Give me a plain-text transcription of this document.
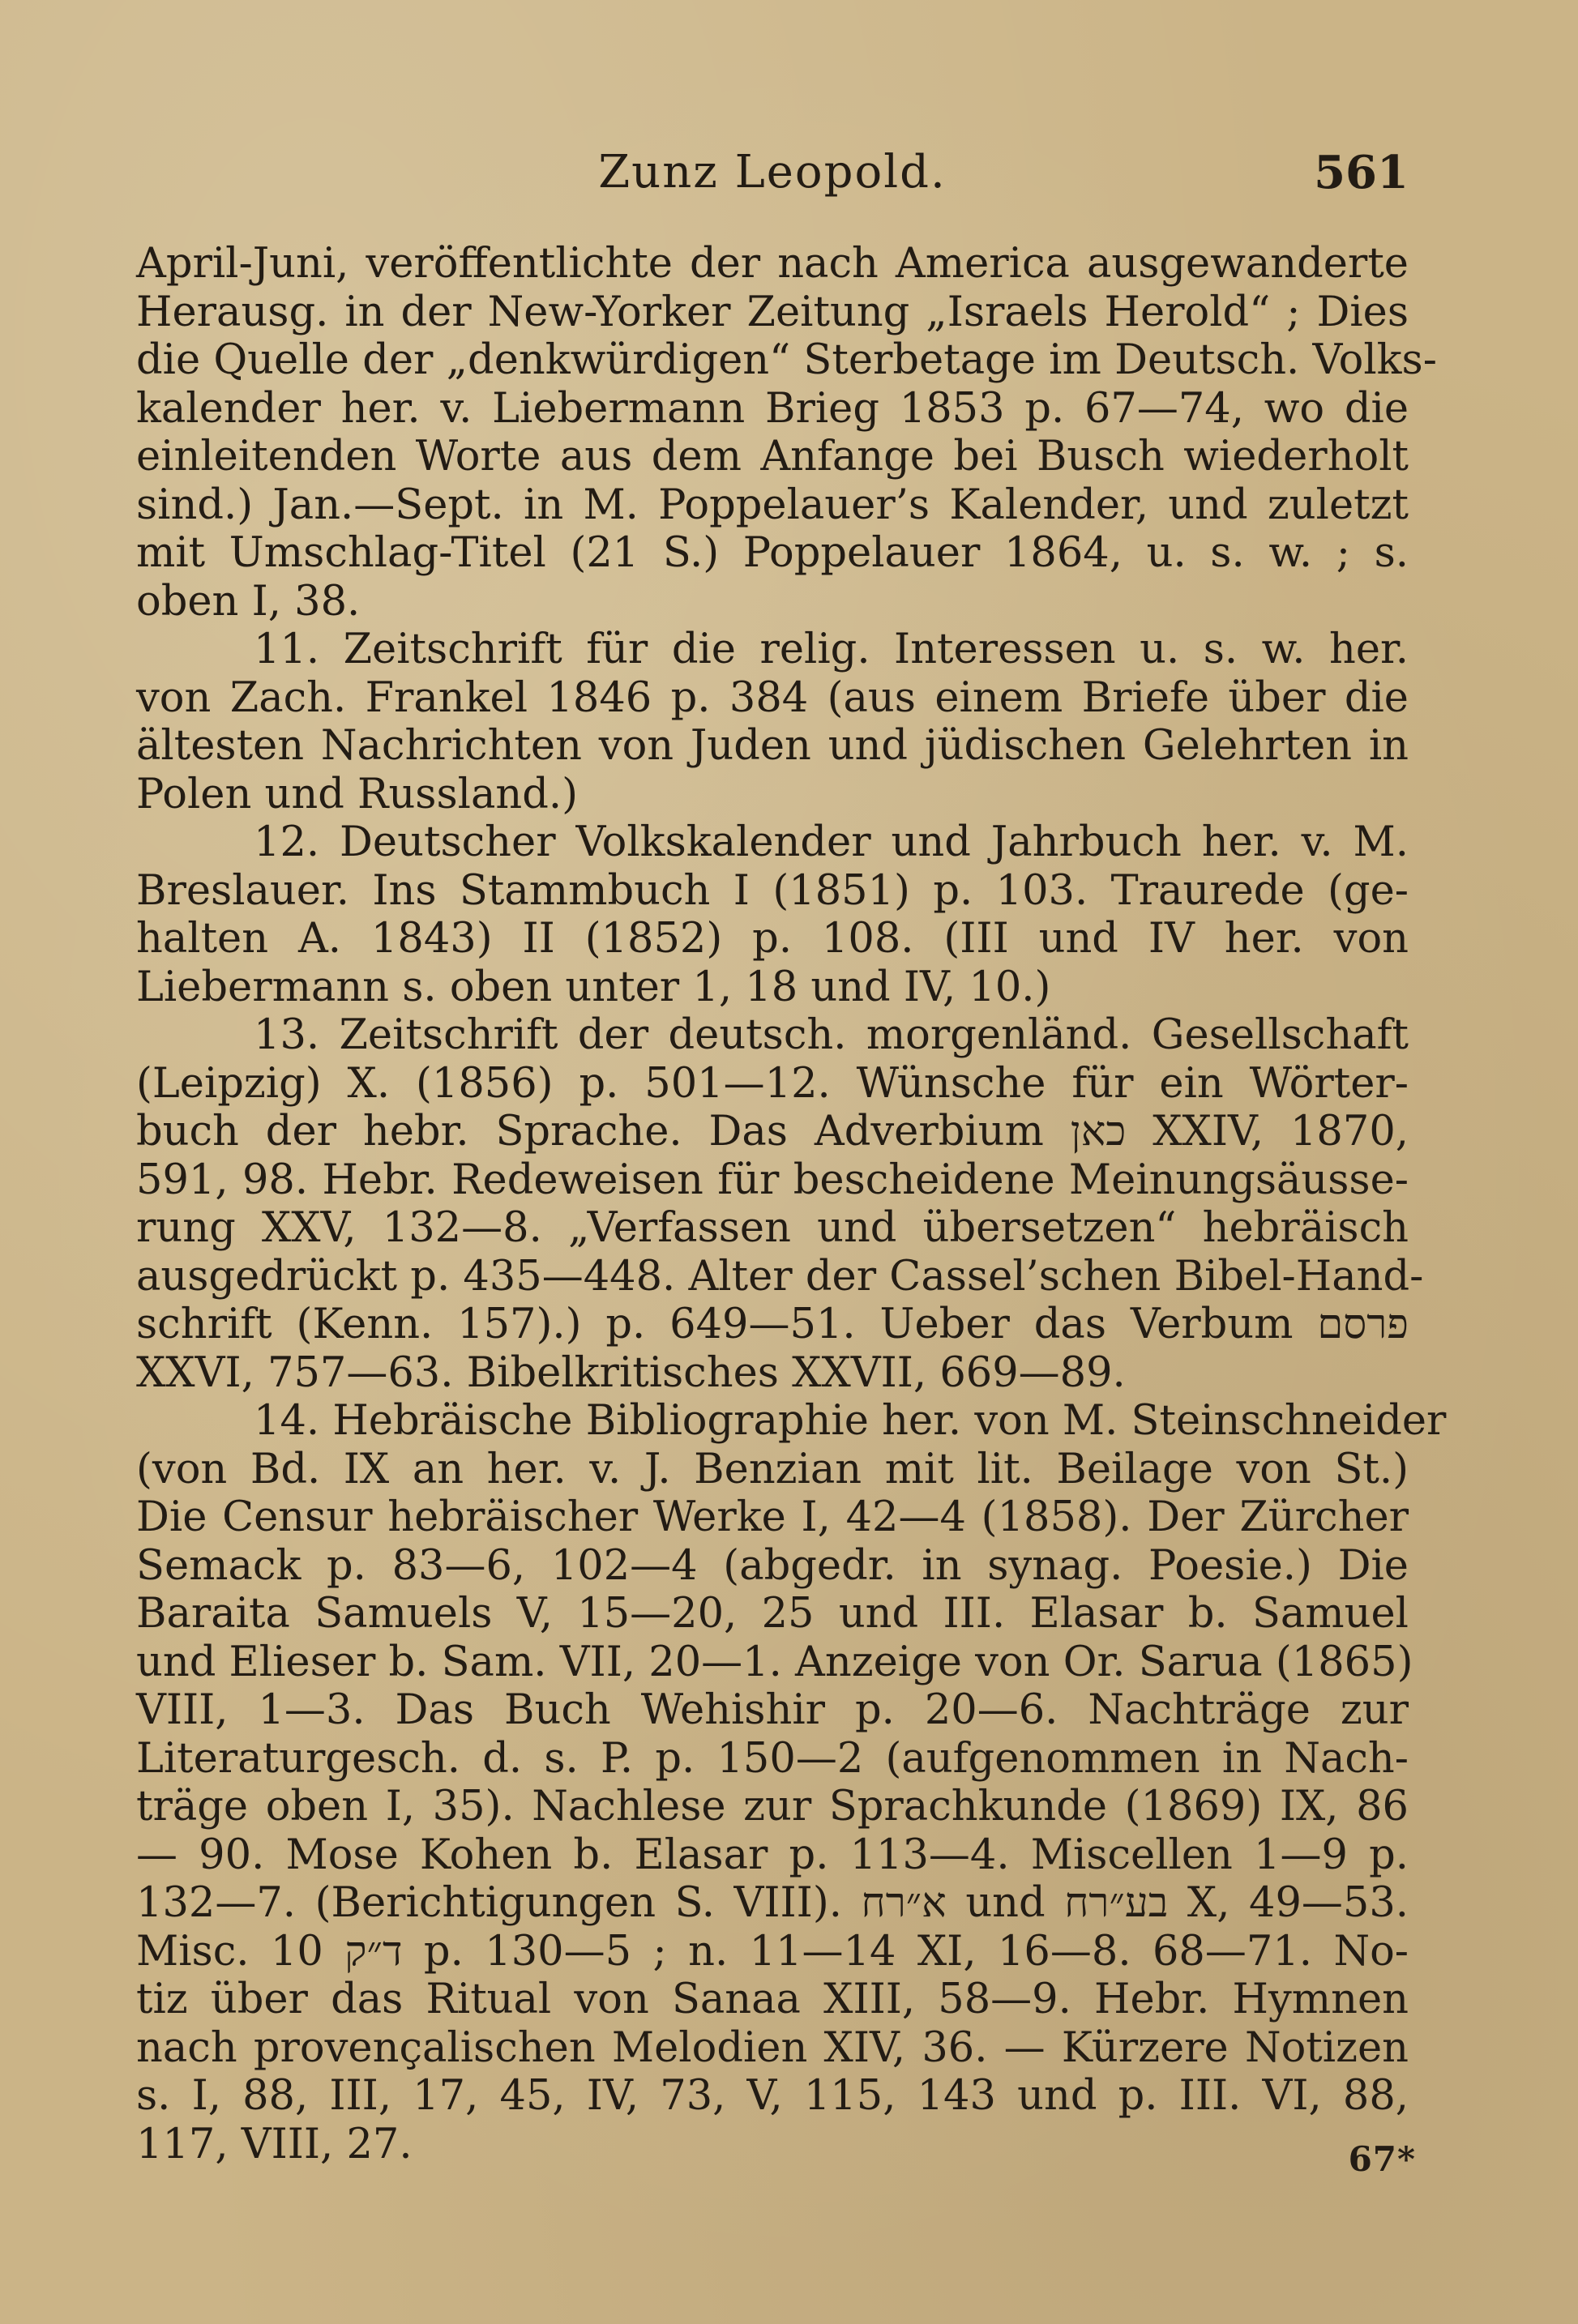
Zunz Leopold.	561
April-Juni, veröffentlichte der nach America ausgewanderte
Herausg. in der New-Yorker Zeitung „Israels Herold“ ; Dies
die Quelle der „denkwürdigen“ Sterbetage im Deutsch. Volks-
kalender her. v. Liebermann Brieg 1853 p. 67—74, wo die
einleitenden Worte aus dem Anfange bei Busch wiederholt
sind.) Jan.—Sept. in M. Poppelauer’s Kalender, und zuletzt
mit Umschlag-Titel (21 S.) Poppelauer 1864, u. s. w. ; s.
oben I, 38.
11. Zeitschrift für die relig. Interessen u. s. w. her.
von Zach. Frankel 1846 p. 384 (aus einem Briefe über die
ältesten Nachrichten von Juden und jüdischen Gelehrten in
Polen und Russland.)
12. Deutscher Volkskalender und Jahrbuch her. v. M.
Breslauer. Ins Stammbuch I (1851) p. 103. Traurede (ge-
halten A. 1843) II (1852) p. 108. (III und IV her. von
Liebermann s. oben unter 1, 18 und IV, 10.)
13. Zeitschrift der deutsch. morgenländ. Gesellschaft
(Leipzig) X. (1856) p. 501—12. Wünsche für ein Wörter-
buch der hebr. Sprache. Das Adverbium כאן XXIV, 1870,
591, 98. Hebr. Redeweisen für bescheidene Meinungsäusse-
rung XXV, 132—8. „Verfassen und übersetzen“ hebräisch
ausgedrückt p. 435—448. Alter der Cassel’schen Bibel-Hand-
schrift (Kenn. 157).) p. 649—51. Ueber das Verbum פרסם
XXVI, 757—63. Bibelkritisches XXVII, 669—89.
14. Hebräische Bibliographie her. von M. Steinschneider
(von Bd. IX an her. v. J. Benzian mit lit. Beilage von St.)
Die Censur hebräischer Werke I, 42—4 (1858). Der Zürcher
Semack p. 83—6, 102—4 (abgedr. in synag. Poesie.) Die
Baraita Samuels V, 15—20, 25 und III. Elasar b. Samuel
und Elieser b. Sam. VII, 20—1. Anzeige von Or. Sarua (1865)
VIII, 1—3. Das Buch Wehishir p. 20—6. Nachträge zur
Literaturgesch. d. s. P. p. 150—2 (aufgenommen in Nach-
träge oben I, 35). Nachlese zur Sprachkunde (1869) IX, 86
— 90. Mose Kohen b. Elasar p. 113—4. Miscellen 1—9 p.
132—7. (Berichtigungen S. VIII). א״רח und בע״רח X, 49—53.
Misc. 10 ד״ק p. 130—5 ; n. 11—14 XI, 16—8. 68—71. No-
tiz über das Ritual von Sanaa XIII, 58—9. Hebr. Hymnen
nach provençalischen Melodien XIV, 36. — Kürzere Notizen
s. I, 88, III, 17, 45, IV, 73, V, 115, 143 und p. III. VI, 88,
117, VIII, 27.	67*
